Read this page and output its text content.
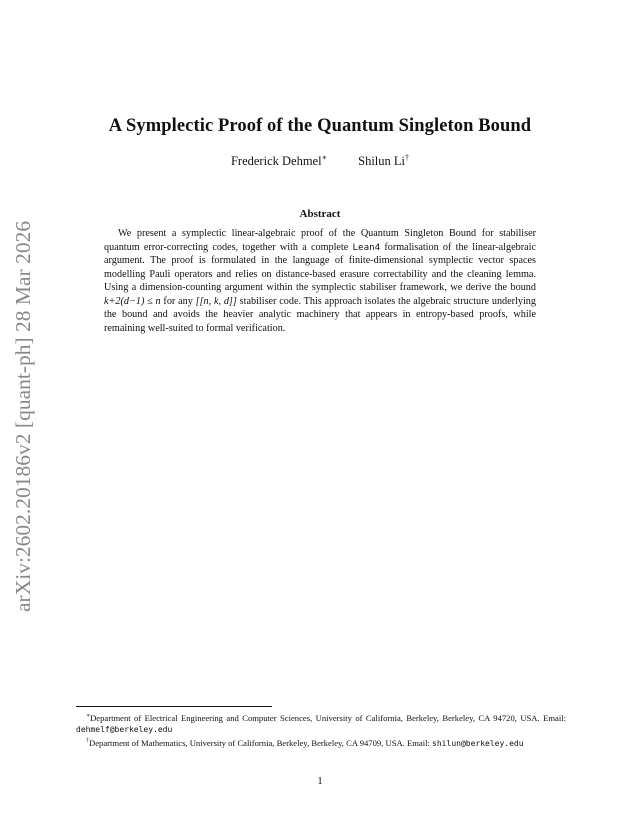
arXiv:2602.20186v2 [quant-ph] 28 Mar 2026
A Symplectic Proof of the Quantum Singleton Bound
Frederick Dehmel∗ Shilun Li†
Abstract
We present a symplectic linear-algebraic proof of the Quantum Singleton Bound for stabiliser quantum error-correcting codes, together with a complete Lean4 formalisation of the linear-algebraic argument. The proof is formulated in the language of finite-dimensional symplectic vector spaces modelling Pauli operators and relies on distance-based erasure correctability and the cleaning lemma. Using a dimension-counting argument within the symplectic stabiliser framework, we derive the bound k+2(d−1) ≤ n for any [[n, k, d]] stabiliser code. This approach isolates the algebraic structure underlying the bound and avoids the heavier analytic machinery that appears in entropy-based proofs, while remaining well-suited to formal verification.

∗Department of Electrical Engineering and Computer Sciences, University of California, Berkeley, Berkeley, CA 94720, USA. Email: dehmelf@berkeley.edu

†Department of Mathematics, University of California, Berkeley, Berkeley, CA 94709, USA. Email: shilun@berkeley.edu

1
